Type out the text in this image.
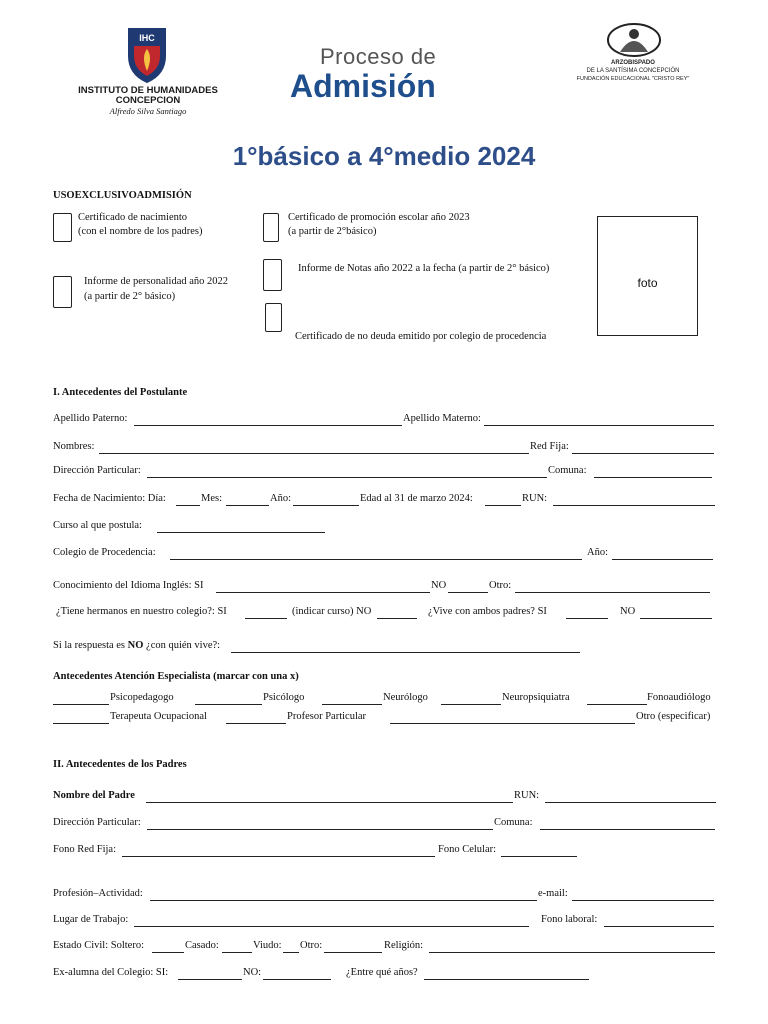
IHC
INSTITUTO DE HUMANIDADES
CONCEPCION
Alfredo Silva Santiago
Proceso de
Admisión
ARZOBISPADO
DE LA SANTÍSIMA CONCEPCIÓN
FUNDACIÓN EDUCACIONAL "CRISTO REY"
1°básico a 4°medio 2024
USOEXCLUSIVOADMISIÓN
Certificado de nacimiento
(con el nombre de los padres)
Certificado de promoción escolar año 2023
(a partir de 2°básico)
Informe de personalidad año 2022
(a partir de 2° básico)
Informe de Notas año 2022 a la fecha (a partir de 2° básico)
Certificado de no deuda emitido por colegio de procedencia
foto
I. Antecedentes del Postulante
Apellido Paterno:	Apellido Materno:
Nombres:	Red Fija:
Dirección Particular:	Comuna:
Fecha de Nacimiento: Día:	Mes:	Año:	Edad al 31 de marzo 2024:	RUN:
Curso al que postula:
Colegio de Procedencia:	Año:
Conocimiento del Idioma Inglés: SI	NO	Otro:
¿Tiene hermanos en nuestro colegio?: SI	(indicar curso) NO	¿Vive con ambos padres? SI	NO
Si la respuesta es NO ¿con quién vive?:
Antecedentes Atención Especialista (marcar con una x)
Psicopedagogo	Psicólogo	Neurólogo	Neuropsiquiatra	Fonoaudiólogo
Terapeuta Ocupacional	Profesor Particular	Otro (especificar)
II. Antecedentes de los Padres
Nombre del Padre	RUN:
Dirección Particular:	Comuna:
Fono Red Fija:	Fono Celular:
Profesión–Actividad:	e-mail:
Lugar de Trabajo:	Fono laboral:
Estado Civil: Soltero:	Casado:	Viudo: Otro:	Religión:
Ex-alumna del Colegio: SI:	NO:	¿Entre qué años?
